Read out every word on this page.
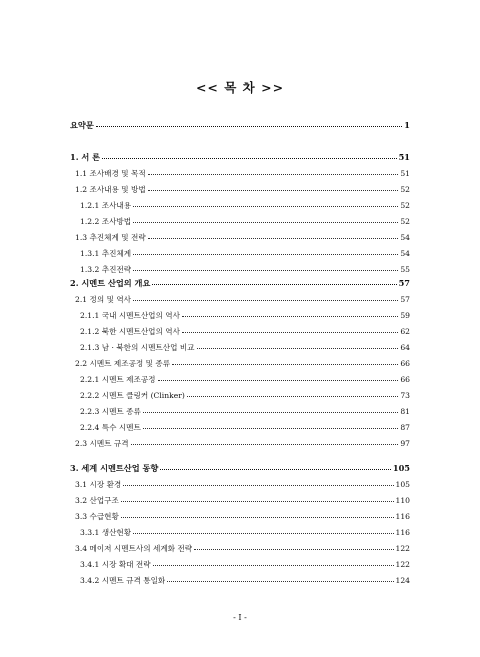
<< 목 차 >>
요약문	1
1. 서 론	51
1.1 조사배경 및 목적	51
1.2 조사내용 및 방법	52
1.2.1 조사내용	52
1.2.2 조사방법	52
1.3 추진체계 및 전략	54
1.3.1 추진체계	54
1.3.2 추진전략	55
2. 시멘트 산업의 개요	57
2.1 정의 및 역사	57
2.1.1 국내 시멘트산업의 역사	59
2.1.2 북한 시멘트산업의 역사	62
2.1.3 남 · 북한의 시멘트산업 비교	64
2.2 시멘트 제조공정 및 종류	66
2.2.1 시멘트 제조공정	66
2.2.2 시멘트 클링커 (Clinker)	73
2.2.3 시멘트 종류	81
2.2.4 특수 시멘트	87
2.3 시멘트 규격	97
3. 세계 시멘트산업 동향	105
3.1 시장 환경	105
3.2 산업구조	110
3.3 수급현황	116
3.3.1 생산현황	116
3.4 메이저 시멘트사의 세계화 전략	122
3.4.1 시장 확대 전략	122
3.4.2 시멘트 규격 통일화	124
- I -
